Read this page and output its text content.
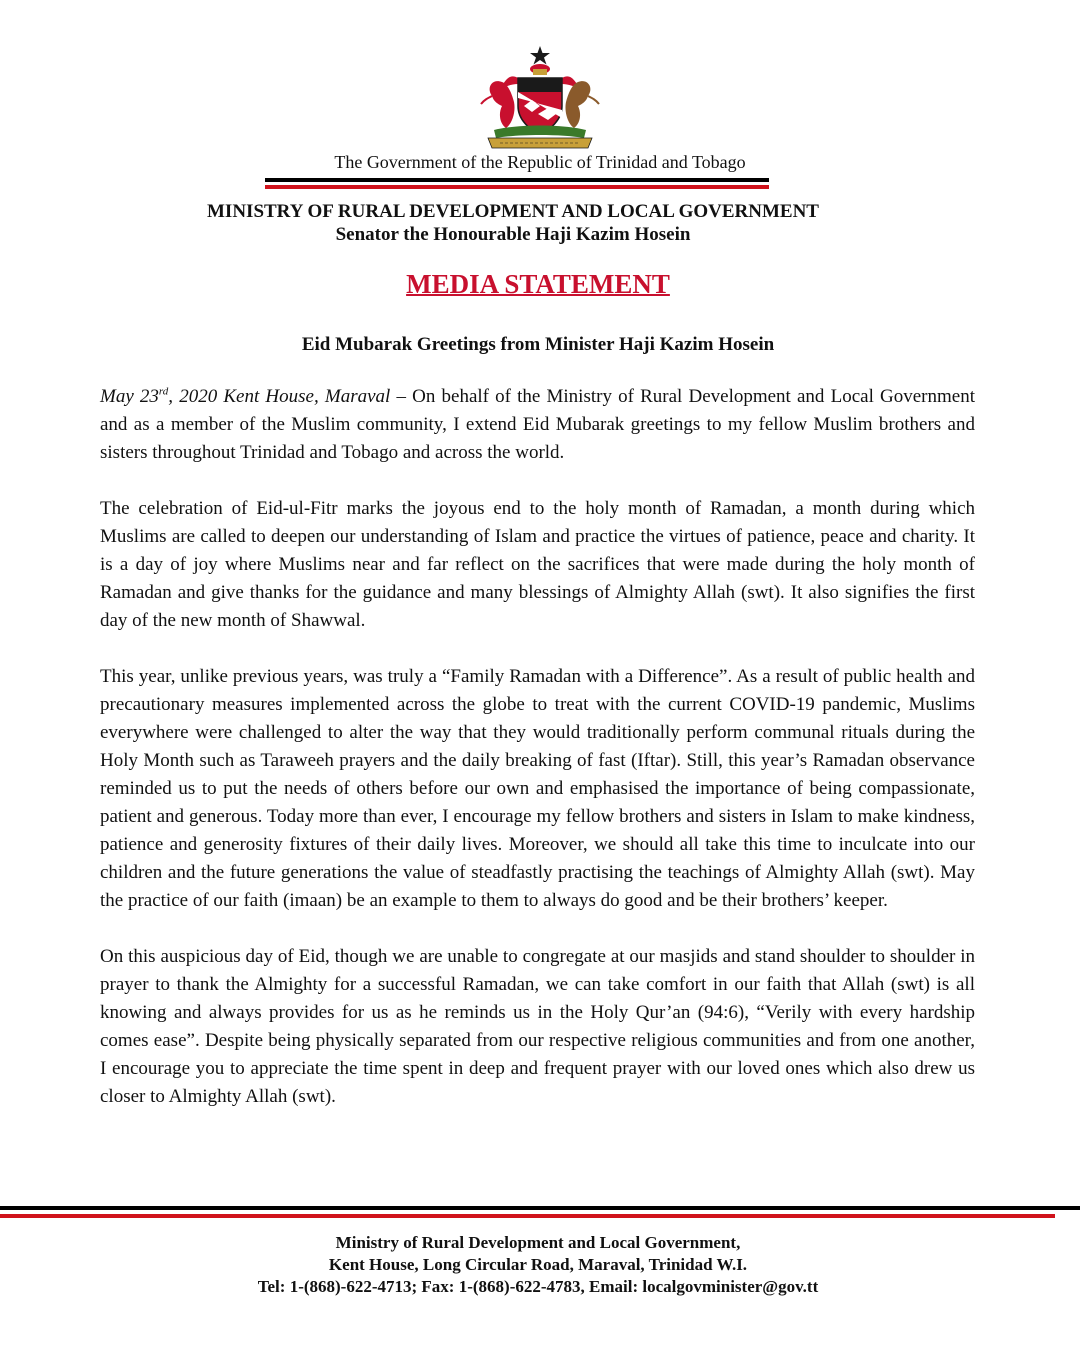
The Government of the Republic of Trinidad and Tobago
MINISTRY OF RURAL DEVELOPMENT AND LOCAL GOVERNMENT
Senator the Honourable Haji Kazim Hosein
MEDIA STATEMENT
Eid Mubarak Greetings from Minister Haji Kazim Hosein

May 23rd, 2020 Kent House, Maraval – On behalf of the Ministry of Rural Development and Local Government and as a member of the Muslim community, I extend Eid Mubarak greetings to my fellow Muslim brothers and sisters throughout Trinidad and Tobago and across the world.

The celebration of Eid-ul-Fitr marks the joyous end to the holy month of Ramadan, a month during which Muslims are called to deepen our understanding of Islam and practice the virtues of patience, peace and charity. It is a day of joy where Muslims near and far reflect on the sacrifices that were made during the holy month of Ramadan and give thanks for the guidance and many blessings of Almighty Allah (swt). It also signifies the first day of the new month of Shawwal.

This year, unlike previous years, was truly a “Family Ramadan with a Difference”. As a result of public health and precautionary measures implemented across the globe to treat with the current COVID-19 pandemic, Muslims everywhere were challenged to alter the way that they would traditionally perform communal rituals during the Holy Month such as Taraweeh prayers and the daily breaking of fast (Iftar). Still, this year’s Ramadan observance reminded us to put the needs of others before our own and emphasised the importance of being compassionate, patient and generous. Today more than ever, I encourage my fellow brothers and sisters in Islam to make kindness, patience and generosity fixtures of their daily lives. Moreover, we should all take this time to inculcate into our children and the future generations the value of steadfastly practising the teachings of Almighty Allah (swt). May the practice of our faith (imaan) be an example to them to always do good and be their brothers’ keeper.

On this auspicious day of Eid, though we are unable to congregate at our masjids and stand shoulder to shoulder in prayer to thank the Almighty for a successful Ramadan, we can take comfort in our faith that Allah (swt) is all knowing and always provides for us as he reminds us in the Holy Qur’an (94:6), “Verily with every hardship comes ease”. Despite being physically separated from our respective religious communities and from one another, I encourage you to appreciate the time spent in deep and frequent prayer with our loved ones which also drew us closer to Almighty Allah (swt).

Ministry of Rural Development and Local Government,
Kent House, Long Circular Road, Maraval, Trinidad W.I.
Tel: 1-(868)-622-4713; Fax: 1-(868)-622-4783, Email: localgovminister@gov.tt
